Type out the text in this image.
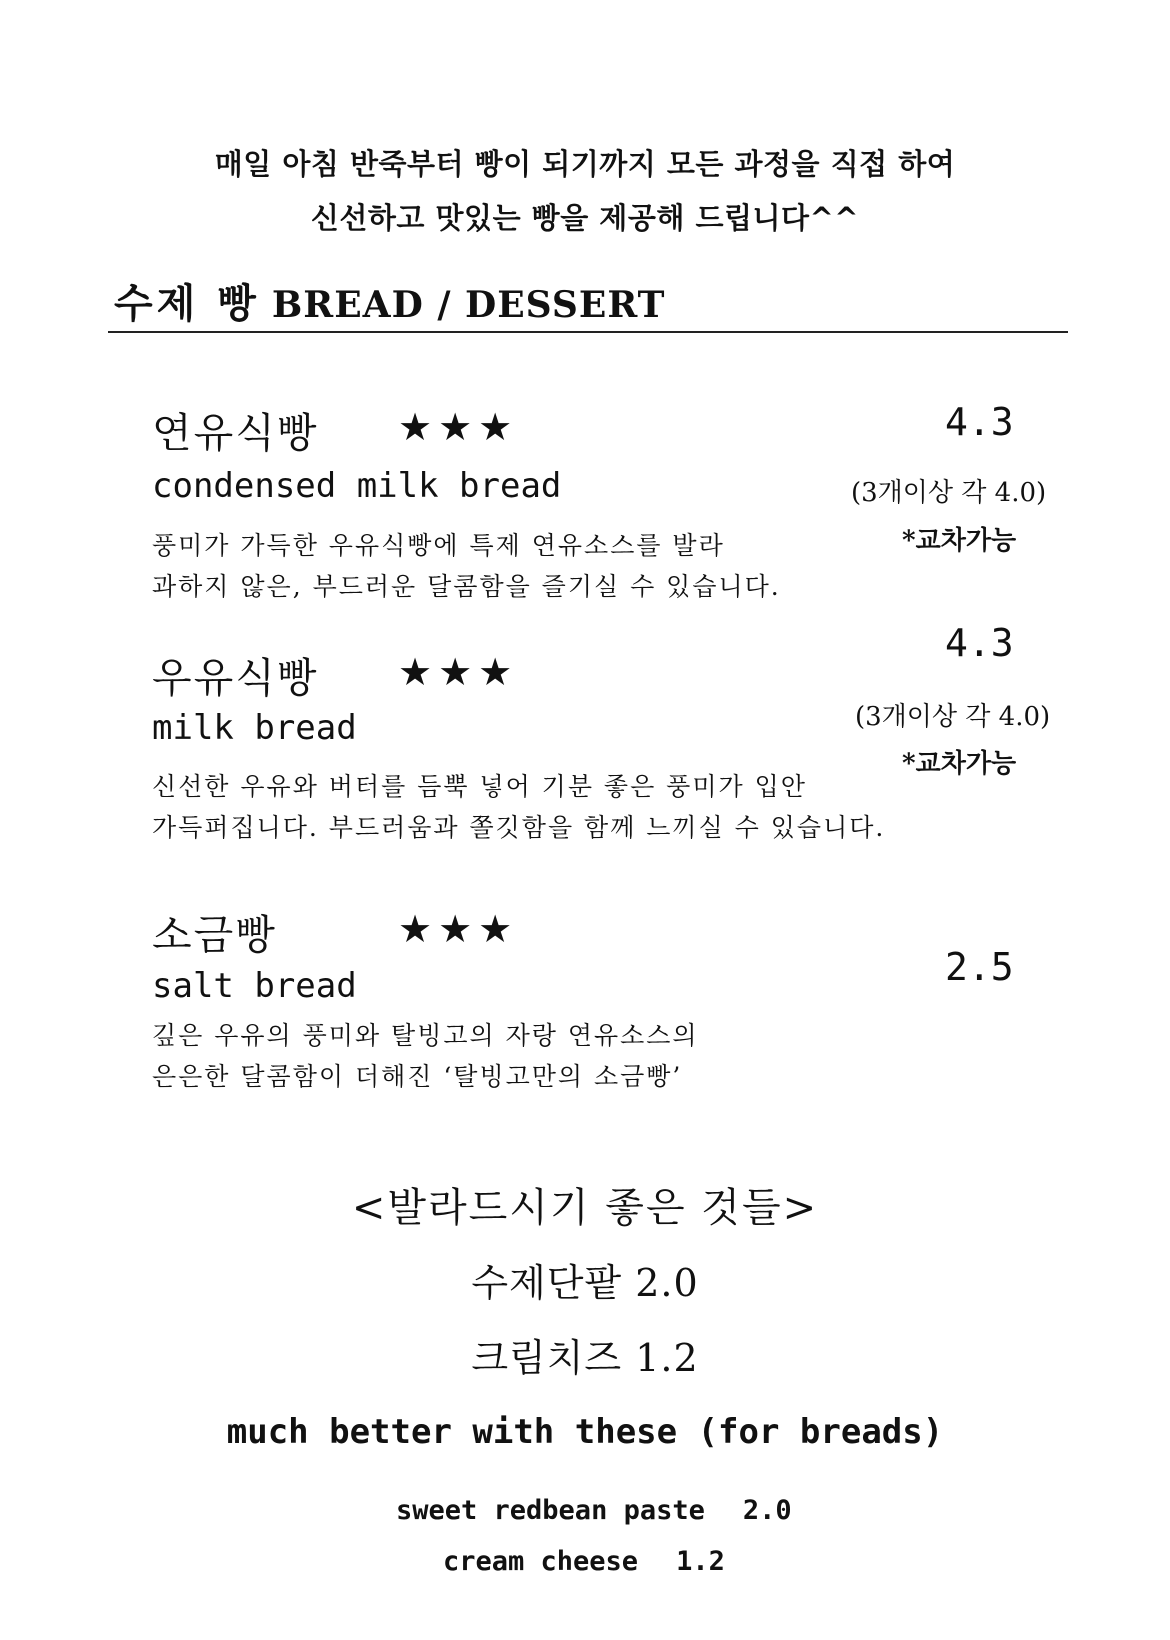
매일 아침 반죽부터 빵이 되기까지 모든 과정을 직접 하여
신선하고 맛있는 빵을 제공해 드립니다^^
수제 빵 BREAD / DESSERT
연유식빵 ★★★	4.3
condensed milk bread	(3개이상 각 4.0)
*교차가능
풍미가 가득한 우유식빵에 특제 연유소스를 발라
과하지 않은, 부드러운 달콤함을 즐기실 수 있습니다.
4.3
우유식빵 ★★★
(3개이상 각 4.0)
milk bread
*교차가능
신선한 우유와 버터를 듬뿍 넣어 기분 좋은 풍미가 입안
가득퍼집니다. 부드러움과 쫄깃함을 함께 느끼실 수 있습니다.
소금빵	★★★
2.5
salt bread
깊은 우유의 풍미와 탈빙고의 자랑 연유소스의
은은한 달콤함이 더해진 ‘탈빙고만의 소금빵’
<발라드시기 좋은 것들>
수제단팥 2.0
크림치즈 1.2
much better with these (for breads)
sweet redbean paste 2.0
cream cheese 1.2
